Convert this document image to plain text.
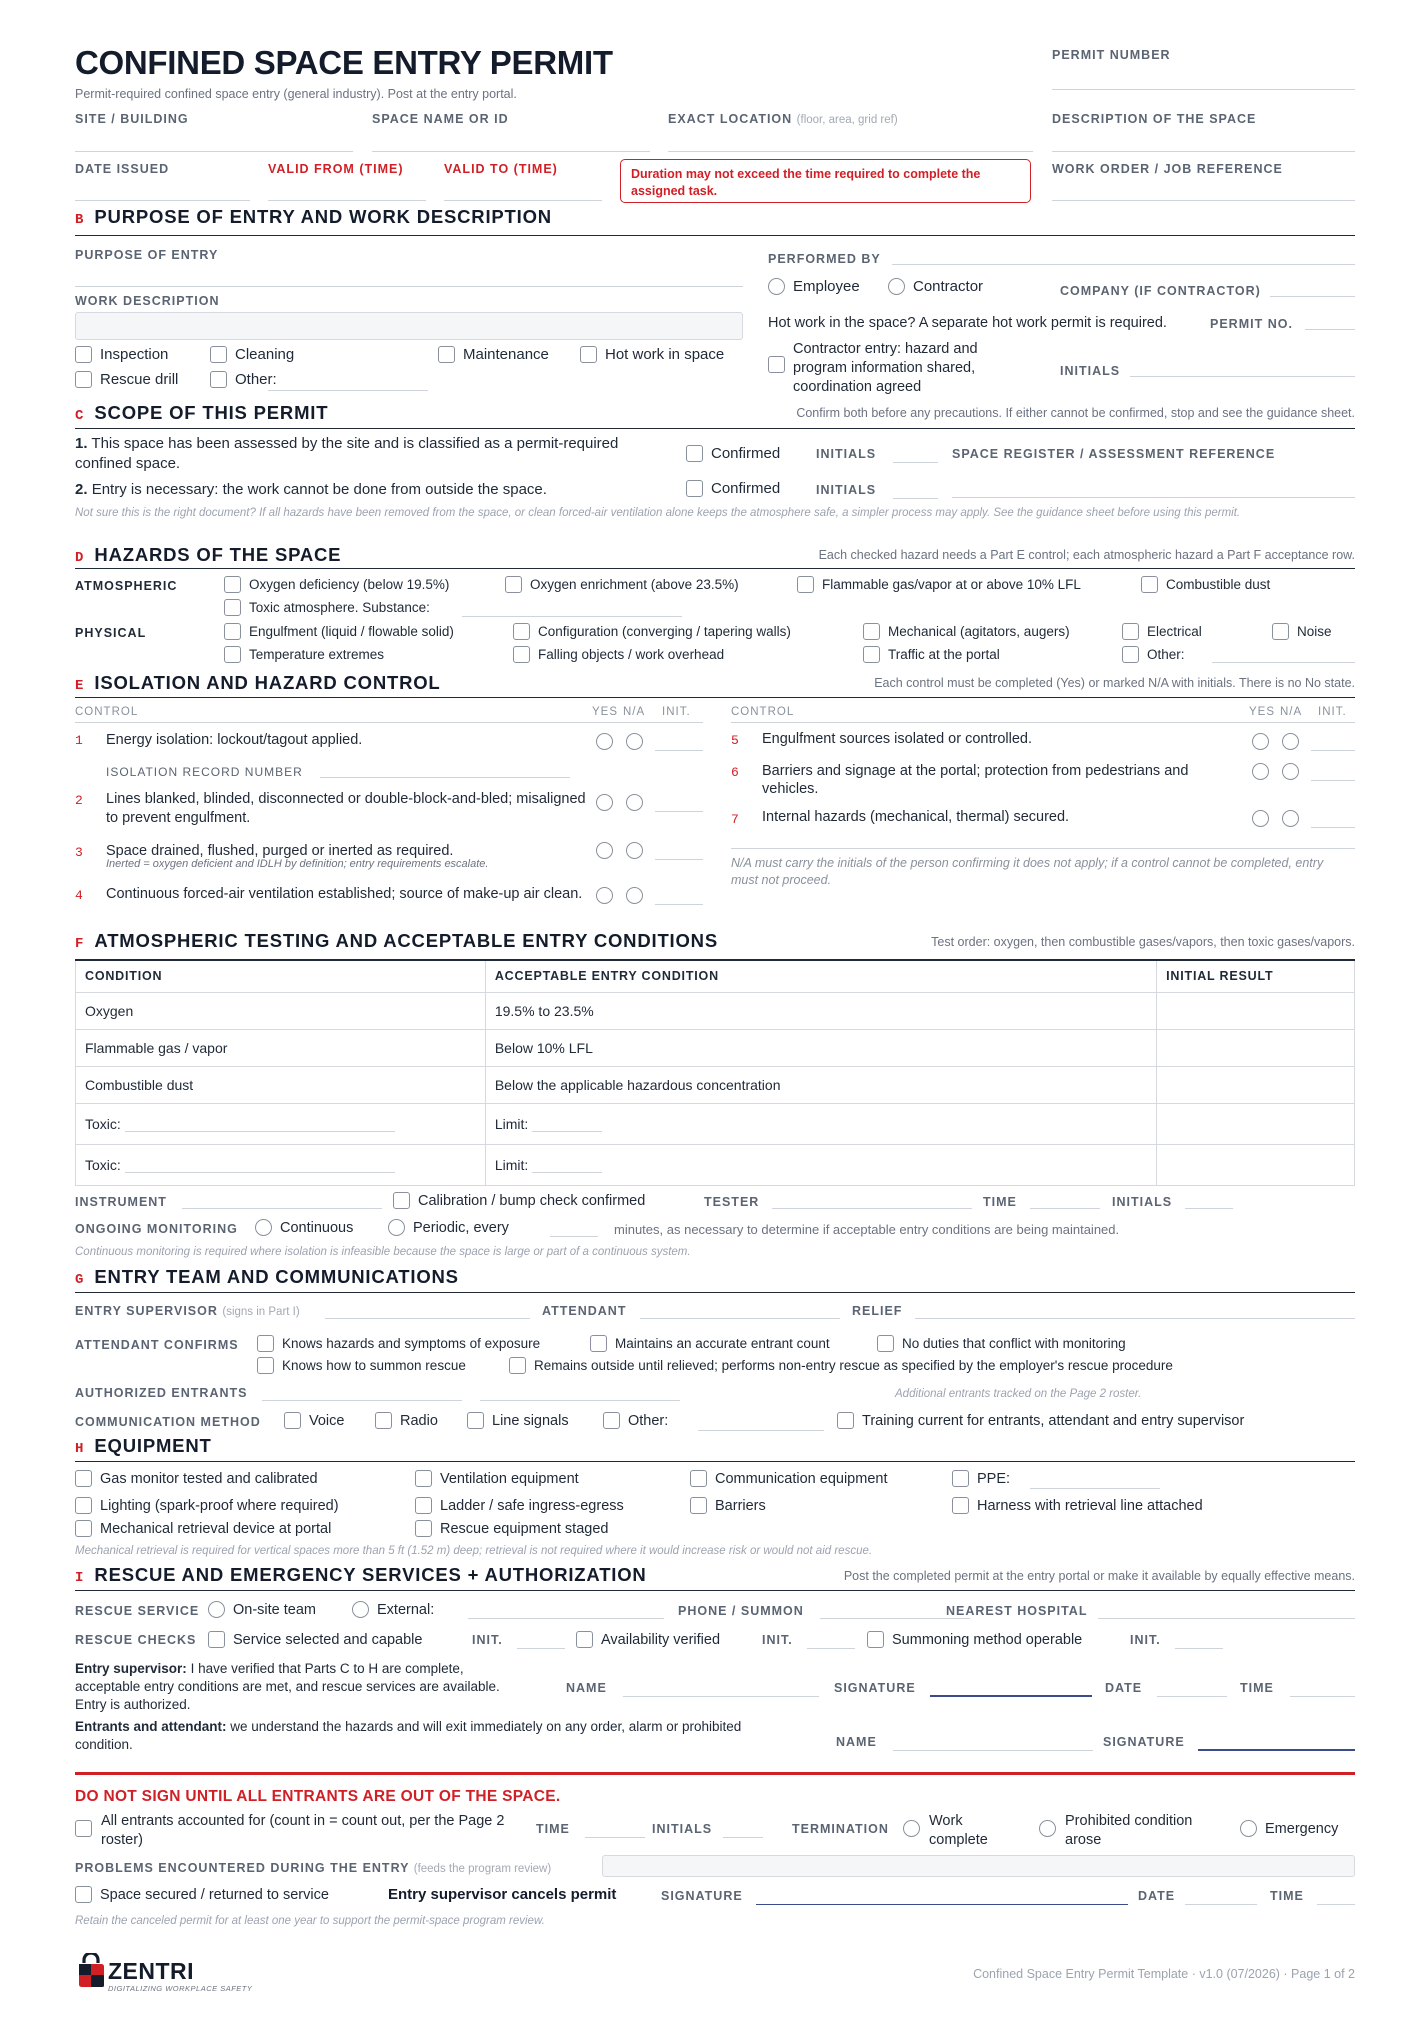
CONFINED SPACE ENTRY PERMIT
Permit-required confined space entry (general industry). Post at the entry portal.
PERMIT NUMBER
SITE / BUILDING	SPACE NAME OR ID	EXACT LOCATION (floor, area, grid ref)	DESCRIPTION OF THE SPACE
DATE ISSUED	VALID FROM (TIME)	VALID TO (TIME)	Duration may not exceed the time required to complete the assigned task.
WORK ORDER / JOB REFERENCE
B PURPOSE OF ENTRY AND WORK DESCRIPTION
PURPOSE OF ENTRY
WORK DESCRIPTION
Inspection	Cleaning	Maintenance	Hot work in space
Rescue drill	Other:
PERFORMED BY
Employee	Contractor	COMPANY (IF CONTRACTOR)
Hot work in the space? A separate hot work permit is required.	PERMIT NO.
Contractor entry: hazard and program information shared, coordination agreed
INITIALS
C SCOPE OF THIS PERMIT	Confirm both before any precautions. If either cannot be confirmed, stop and see the guidance sheet.
1. This space has been assessed by the site and is classified as a permit-required confined space.
Confirmed	INITIALS	SPACE REGISTER / ASSESSMENT REFERENCE
2. Entry is necessary: the work cannot be done from outside the space.	Confirmed	INITIALS
Not sure this is the right document? If all hazards have been removed from the space, or clean forced-air ventilation alone keeps the atmosphere safe, a simpler process may apply. See the guidance sheet before using this permit.
D HAZARDS OF THE SPACE	Each checked hazard needs a Part E control; each atmospheric hazard a Part F acceptance row.
ATMOSPHERIC	Oxygen deficiency (below 19.5%)	Oxygen enrichment (above 23.5%)	Flammable gas/vapor at or above 10% LFL	Combustible dust
Toxic atmosphere. Substance:
PHYSICAL	Engulfment (liquid / flowable solid)	Configuration (converging / tapering walls)	Mechanical (agitators, augers)	Electrical	Noise
Temperature extremes	Falling objects / work overhead	Traffic at the portal	Other:
E ISOLATION AND HAZARD CONTROL	Each control must be completed (Yes) or marked N/A with initials. There is no No state.
CONTROL	YES N/A INIT.	CONTROL	YES N/A INIT.
1 Energy isolation: lockout/tagout applied.
ISOLATION RECORD NUMBER
2 Lines blanked, blinded, disconnected or double-block-and-bled; misaligned to prevent engulfment.
3 Space drained, flushed, purged or inerted as required.
Inerted = oxygen deficient and IDLH by definition; entry requirements escalate.
4 Continuous forced-air ventilation established; source of make-up air clean.
5 Engulfment sources isolated or controlled.
6 Barriers and signage at the portal; protection from pedestrians and vehicles.
7 Internal hazards (mechanical, thermal) secured.
N/A must carry the initials of the person confirming it does not apply; if a control cannot be completed, entry must not proceed.
F ATMOSPHERIC TESTING AND ACCEPTABLE ENTRY CONDITIONS	Test order: oxygen, then combustible gases/vapors, then toxic gases/vapors.
CONDITION	ACCEPTABLE ENTRY CONDITION	INITIAL RESULT
Oxygen	19.5% to 23.5%	
Flammable gas / vapor	Below 10% LFL	
Combustible dust	Below the applicable hazardous concentration	
Toxic:	Limit:	
Toxic:	Limit:	
INSTRUMENT	Calibration / bump check confirmed	TESTER	TIME	INITIALS
ONGOING MONITORING	Continuous	Periodic, every	minutes, as necessary to determine if acceptable entry conditions are being maintained.
Continuous monitoring is required where isolation is infeasible because the space is large or part of a continuous system.
G ENTRY TEAM AND COMMUNICATIONS
ENTRY SUPERVISOR (signs in Part I)	ATTENDANT	RELIEF
ATTENDANT CONFIRMS	Knows hazards and symptoms of exposure	Maintains an accurate entrant count	No duties that conflict with monitoring
Knows how to summon rescue	Remains outside until relieved; performs non-entry rescue as specified by the employer's rescue procedure
AUTHORIZED ENTRANTS	Additional entrants tracked on the Page 2 roster.
COMMUNICATION METHOD	Voice	Radio	Line signals	Other:	Training current for entrants, attendant and entry supervisor
H EQUIPMENT
Gas monitor tested and calibrated	Ventilation equipment	Communication equipment	PPE:
Lighting (spark-proof where required)	Ladder / safe ingress-egress	Barriers	Harness with retrieval line attached
Mechanical retrieval device at portal	Rescue equipment staged
Mechanical retrieval is required for vertical spaces more than 5 ft (1.52 m) deep; retrieval is not required where it would increase risk or would not aid rescue.
I RESCUE AND EMERGENCY SERVICES + AUTHORIZATION	Post the completed permit at the entry portal or make it available by equally effective means.
RESCUE SERVICE On-site team	External:	PHONE / SUMMON	NEAREST HOSPITAL
RESCUE CHECKS	Service selected and capable	INIT.	Availability verified	INIT.	Summoning method operable	INIT.
Entry supervisor: I have verified that Parts C to H are complete, acceptable entry conditions are met, and rescue services are available. Entry is authorized.
NAME	SIGNATURE	DATE	TIME
Entrants and attendant: we understand the hazards and will exit immediately on any order, alarm or prohibited condition.	NAME	SIGNATURE
DO NOT SIGN UNTIL ALL ENTRANTS ARE OUT OF THE SPACE.
All entrants accounted for (count in = count out, per the Page 2 roster)
TIME	INITIALS	TERMINATION	Work complete
Prohibited condition arose
Emergency
PROBLEMS ENCOUNTERED DURING THE ENTRY (feeds the program review)
Space secured / returned to service	Entry supervisor cancels permit	SIGNATURE	DATE	TIME
Retain the canceled permit for at least one year to support the permit-space program review.
ZENTRI
DIGITALIZING WORKPLACE SAFETY
Confined Space Entry Permit Template · v1.0 (07/2026) · Page 1 of 2
